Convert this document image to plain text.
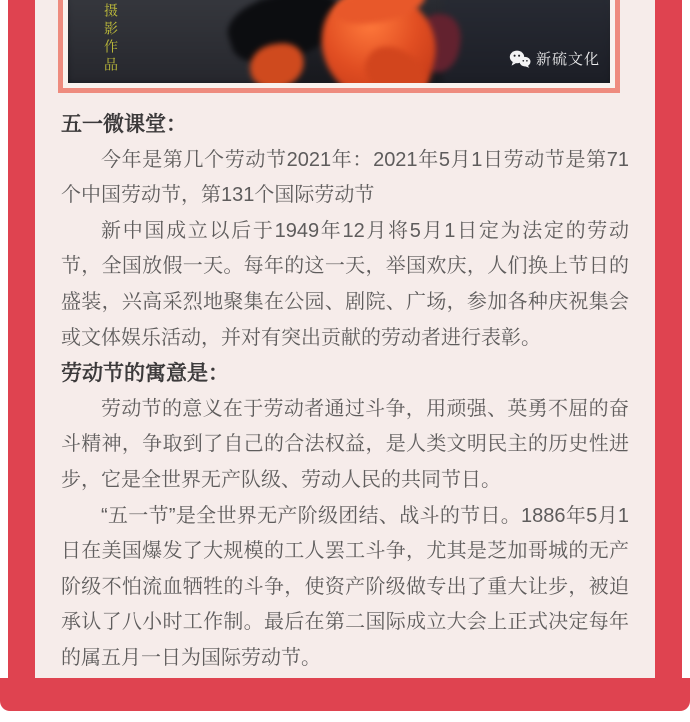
摄影作品	新硫文化

五一微课堂：

今年是第几个劳动节2021年：2021年5月1日劳动节是第71个中国劳动节，第131个国际劳动节

新中国成立以后于1949年12月将5月1日定为法定的劳动节，全国放假一天。每年的这一天，举国欢庆，人们换上节日的盛装，兴高采烈地聚集在公园、剧院、广场，参加各种庆祝集会或文体娱乐活动，并对有突出贡献的劳动者进行表彰。

劳动节的寓意是：

劳动节的意义在于劳动者通过斗争，用顽强、英勇不屈的奋斗精神，争取到了自己的合法权益，是人类文明民主的历史性进步，它是全世界无产队级、劳动人民的共同节日。

“五一节”是全世界无产阶级团结、战斗的节日。1886年5月1日在美国爆发了大规模的工人罢工斗争，尤其是芝加哥城的无产阶级不怕流血牺牲的斗争，使资产阶级做专出了重大让步，被迫承认了八小时工作制。最后在第二国际成立大会上正式决定每年的属五月一日为国际劳动节。
